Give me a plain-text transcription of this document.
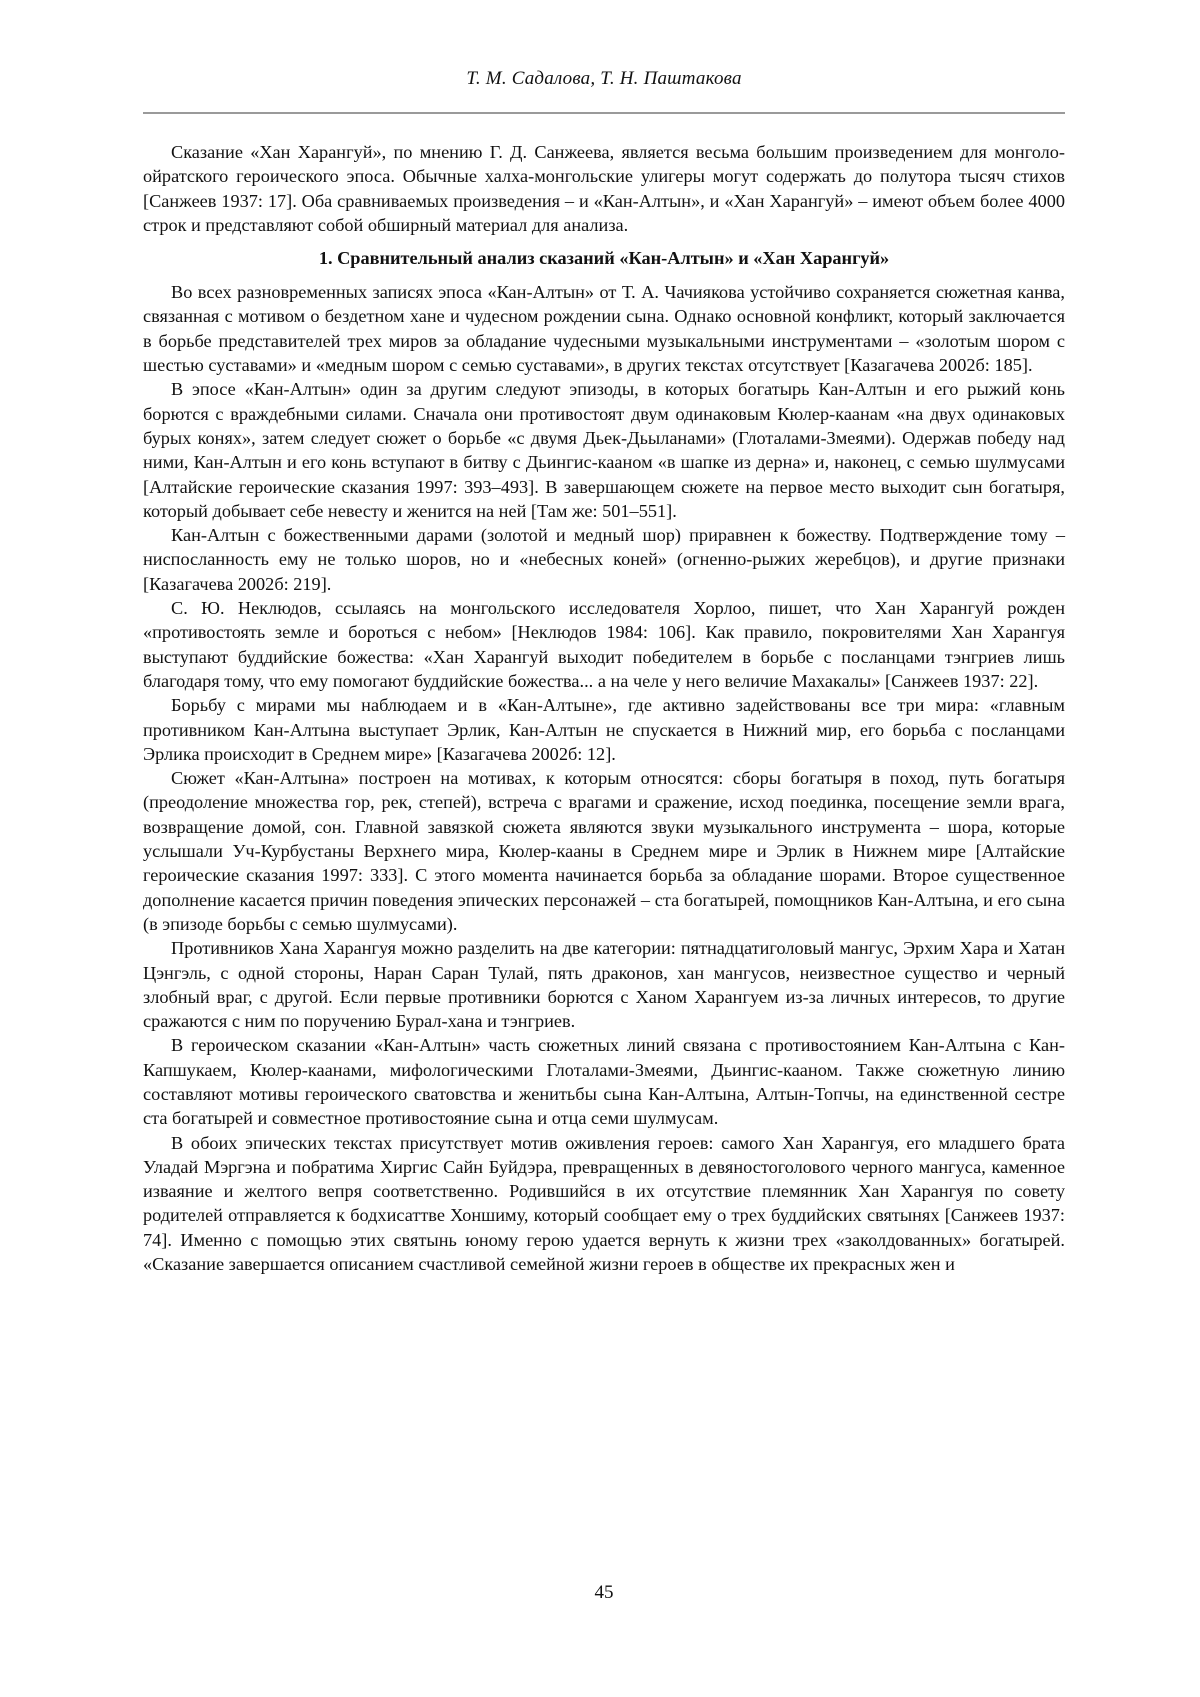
Т. М. Садалова, Т. Н. Паштакова

Сказание «Хан Харангуй», по мнению Г. Д. Санжеева, является весьма большим произведением для монголо-ойратского героического эпоса. Обычные халха-монгольские улигеры могут содержать до полутора тысяч стихов [Санжеев 1937: 17]. Оба сравниваемых произведения – и «Кан-Алтын», и «Хан Харангуй» – имеют объем более 4000 строк и представляют собой обширный материал для анализа.

1. Сравнительный анализ сказаний «Кан-Алтын» и «Хан Харангуй»

Во всех разновременных записях эпоса «Кан-Алтын» от Т. А. Чачиякова устойчиво сохраняется сюжетная канва, связанная с мотивом о бездетном хане и чудесном рождении сына. Однако основной конфликт, который заключается в борьбе представителей трех миров за обладание чудесными музыкальными инструментами – «золотым шором с шестью суставами» и «медным шором с семью суставами», в других текстах отсутствует [Казагачева 2002б: 185].

В эпосе «Кан-Алтын» один за другим следуют эпизоды, в которых богатырь Кан-Алтын и его рыжий конь борются с враждебными силами. Сначала они противостоят двум одинаковым Кюлер-каанам «на двух одинаковых бурых конях», затем следует сюжет о борьбе «с двумя Дьек-Дьыланами» (Глоталами-Змеями). Одержав победу над ними, Кан-Алтын и его конь вступают в битву с Дьингис-кааном «в шапке из дерна» и, наконец, с семью шулмусами [Алтайские героические сказания 1997: 393–493]. В завершающем сюжете на первое место выходит сын богатыря, который добывает себе невесту и женится на ней [Там же: 501–551].

Кан-Алтын с божественными дарами (золотой и медный шор) приравнен к божеству. Подтверждение тому – ниспосланность ему не только шоров, но и «небесных коней» (огненно-рыжих жеребцов), и другие признаки [Казагачева 2002б: 219].

С. Ю. Неклюдов, ссылаясь на монгольского исследователя Хорлоо, пишет, что Хан Харангуй рожден «противостоять земле и бороться с небом» [Неклюдов 1984: 106]. Как правило, покровителями Хан Харангуя выступают буддийские божества: «Хан Харангуй выходит победителем в борьбе с посланцами тэнгриев лишь благодаря тому, что ему помогают буддийские божества... а на челе у него величие Махакалы» [Санжеев 1937: 22].

Борьбу с мирами мы наблюдаем и в «Кан-Алтыне», где активно задействованы все три мира: «главным противником Кан-Алтына выступает Эрлик, Кан-Алтын не спускается в Нижний мир, его борьба с посланцами Эрлика происходит в Среднем мире» [Казагачева 2002б: 12].

Сюжет «Кан-Алтына» построен на мотивах, к которым относятся: сборы богатыря в поход, путь богатыря (преодоление множества гор, рек, степей), встреча с врагами и сражение, исход поединка, посещение земли врага, возвращение домой, сон. Главной завязкой сюжета являются звуки музыкального инструмента – шора, которые услышали Уч-Курбустаны Верхнего мира, Кюлер-кааны в Среднем мире и Эрлик в Нижнем мире [Алтайские героические сказания 1997: 333]. С этого момента начинается борьба за обладание шорами. Второе существенное дополнение касается причин поведения эпических персонажей – ста богатырей, помощников Кан-Алтына, и его сына (в эпизоде борьбы с семью шулмусами).

Противников Хана Харангуя можно разделить на две категории: пятнадцатиголовый мангус, Эрхим Хара и Хатан Цэнгэль, с одной стороны, Наран Саран Тулай, пять драконов, хан мангусов, неизвестное существо и черный злобный враг, с другой. Если первые противники борются с Ханом Харангуем из-за личных интересов, то другие сражаются с ним по поручению Бурал-хана и тэнгриев.

В героическом сказании «Кан-Алтын» часть сюжетных линий связана с противостоянием Кан-Алтына с Кан-Капшукаем, Кюлер-каанами, мифологическими Глоталами-Змеями, Дьингис-кааном. Также сюжетную линию составляют мотивы героического сватовства и женитьбы сына Кан-Алтына, Алтын-Топчы, на единственной сестре ста богатырей и совместное противостояние сына и отца семи шулмусам.

В обоих эпических текстах присутствует мотив оживления героев: самого Хан Харангуя, его младшего брата Уладай Мэргэна и побратима Хиргис Сайн Буйдэра, превращенных в девяностоголового черного мангуса, каменное изваяние и желтого вепря соответственно. Родившийся в их отсутствие племянник Хан Харангуя по совету родителей отправляется к бодхисаттве Хоншиму, который сообщает ему о трех буддийских святынях [Санжеев 1937: 74]. Именно с помощью этих святынь юному герою удается вернуть к жизни трех «заколдованных» богатырей. «Сказание завершается описанием счастливой семейной жизни героев в обществе их прекрасных жен и

45
